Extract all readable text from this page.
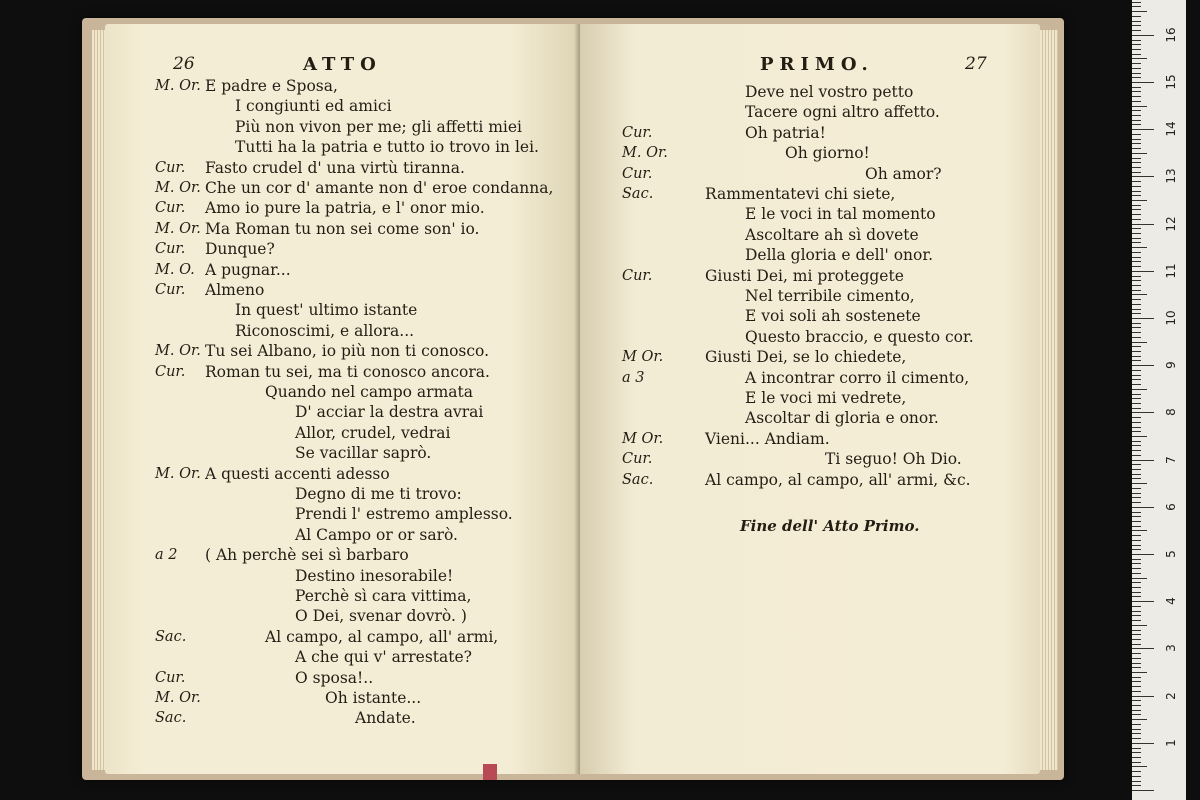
26	ATTO
M. Or. E padre e Sposa,
I congiunti ed amici
Più non vivon per me; gli affetti miei
Tutti ha la patria e tutto io trovo in lei.
Cur. Fasto crudel d' una virtù tiranna.
M. Or. Che un cor d' amante non d' eroe condanna,
Cur. Amo io pure la patria, e l' onor mio.
M. Or. Ma Roman tu non sei come son' io.
Cur. Dunque?
M. O. A pugnar...
Cur. Almeno
In quest' ultimo istante
Riconoscimi, e allora...
M. Or. Tu sei Albano, io più non ti conosco.
Cur. Roman tu sei, ma ti conosco ancora.
Quando nel campo armata
D' acciar la destra avrai
Allor, crudel, vedrai
Se vacillar saprò.
M. Or. A questi accenti adesso
Degno di me ti trovo:
Prendi l' estremo amplesso.
Al Campo or or sarò.
a 2 ( Ah perchè sei sì barbaro
Destino inesorabile!
Perchè sì cara vittima,
O Dei, svenar dovrò. )
Sac.	Al campo, al campo, all' armi,
A che qui v' arrestate?
Cur.	O sposa!..
M. Or.	Oh istante...
Sac.	Andate.
PRIMO.	27
Deve nel vostro petto
Tacere ogni altro affetto.
Cur.	Oh patria!
M. Or.	Oh giorno!
Cur.	Oh amor?
Sac.	Rammentatevi chi siete,
E le voci in tal momento
Ascoltare ah sì dovete
Della gloria e dell' onor.
Cur.	Giusti Dei, mi proteggete
Nel terribile cimento,
E voi soli ah sostenete
Questo braccio, e questo cor.
M Or.	Giusti Dei, se lo chiedete,
a 3	A incontrar corro il cimento,
E le voci mi vedrete,
Ascoltar di gloria e onor.
M Or.	Vieni... Andiam.
Cur.	Ti seguo! Oh Dio.
Sac.	Al campo, al campo, all' armi, &c.
Fine dell' Atto Primo.
1
2
3
4
5
6
7
8
9
10
11
12
13
14
15
16
